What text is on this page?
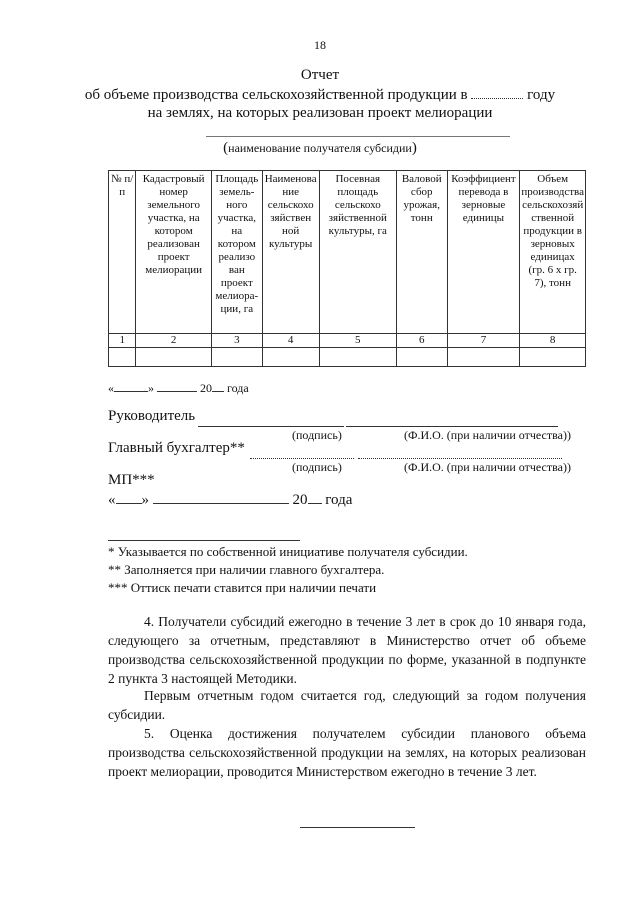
18
Отчет
об объеме производства сельскохозяйственной продукции в	году
на землях, на которых реализован проект мелиорации
(наименование получателя субсидии)
№ п/п	Кадастровый номер земельного участка, на котором реализован проект мелиорации	Площадь земель-ного участка, на котором реализо ван проект мелиора-ции, га	Наименова ние сельскохо зяйствен ной культуры	Посевная площадь сельскохо зяйственной культуры, га	Валовой сбор урожая, тонн	Коэффициент перевода в зерновые единицы	Объем производства сельскохозяй ственной продукции в зерновых единицах (гр. 6 х гр. 7), тонн
1	2	3	4	5	6	7	8

«	»	20 года
Руководитель
(подпись)	(Ф.И.О. (при наличии отчества))
Главный бухгалтер**
(подпись)	(Ф.И.О. (при наличии отчества))
МП***
« »	20 года
* Указывается по собственной инициативе получателя субсидии.
** Заполняется при наличии главного бухгалтера.
*** Оттиск печати ставится при наличии печати
4. Получатели субсидий ежегодно в течение 3 лет в срок до 10 января года, следующего за отчетным, представляют в Министерство отчет об объеме производства сельскохозяйственной продукции по форме, указанной в подпункте 2 пункта 3 настоящей Методики.
Первым отчетным годом считается год, следующий за годом получения субсидии.
5. Оценка достижения получателем субсидии планового объема производства сельскохозяйственной продукции на землях, на которых реализован проект мелиорации, проводится Министерством ежегодно в течение 3 лет.
